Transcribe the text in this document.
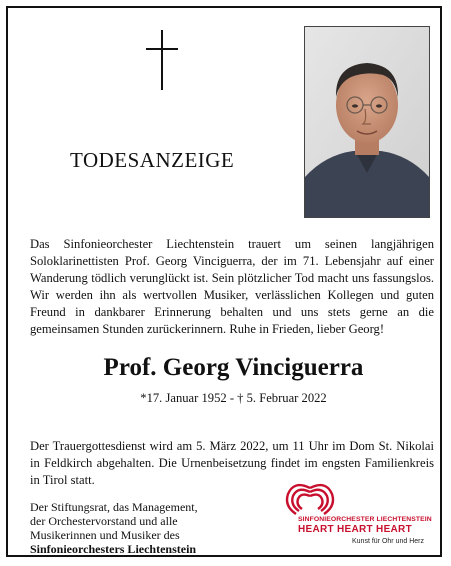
TODESANZEIGE
Das Sinfonieorchester Liechtenstein trauert um seinen langjährigen Soloklarinettisten Prof. Georg Vinciguerra, der im 71. Lebensjahr auf einer Wanderung tödlich verunglückt ist. Sein plötzlicher Tod macht uns fassungslos. Wir werden ihn als wertvollen Musiker, verlässlichen Kollegen und guten Freund in dankbarer Erinnerung behalten und uns stets gerne an die gemeinsamen Stunden zurückerinnern. Ruhe in Frieden, lieber Georg!
Prof. Georg Vinciguerra
*17. Januar 1952 - † 5. Februar 2022
Der Trauergottesdienst wird am 5. März 2022, um 11 Uhr im Dom St. Nikolai in Feldkirch abgehalten. Die Urnenbeisetzung findet im engsten Familienkreis in Tirol statt.
Der Stiftungsrat, das Management,
der Orchestervorstand und alle
Musikerinnen und Musiker des
Sinfonieorchesters Liechtenstein
SINFONIEORCHESTER LIECHTENSTEIN
HEART HEART HEART
Kunst für Ohr und Herz
